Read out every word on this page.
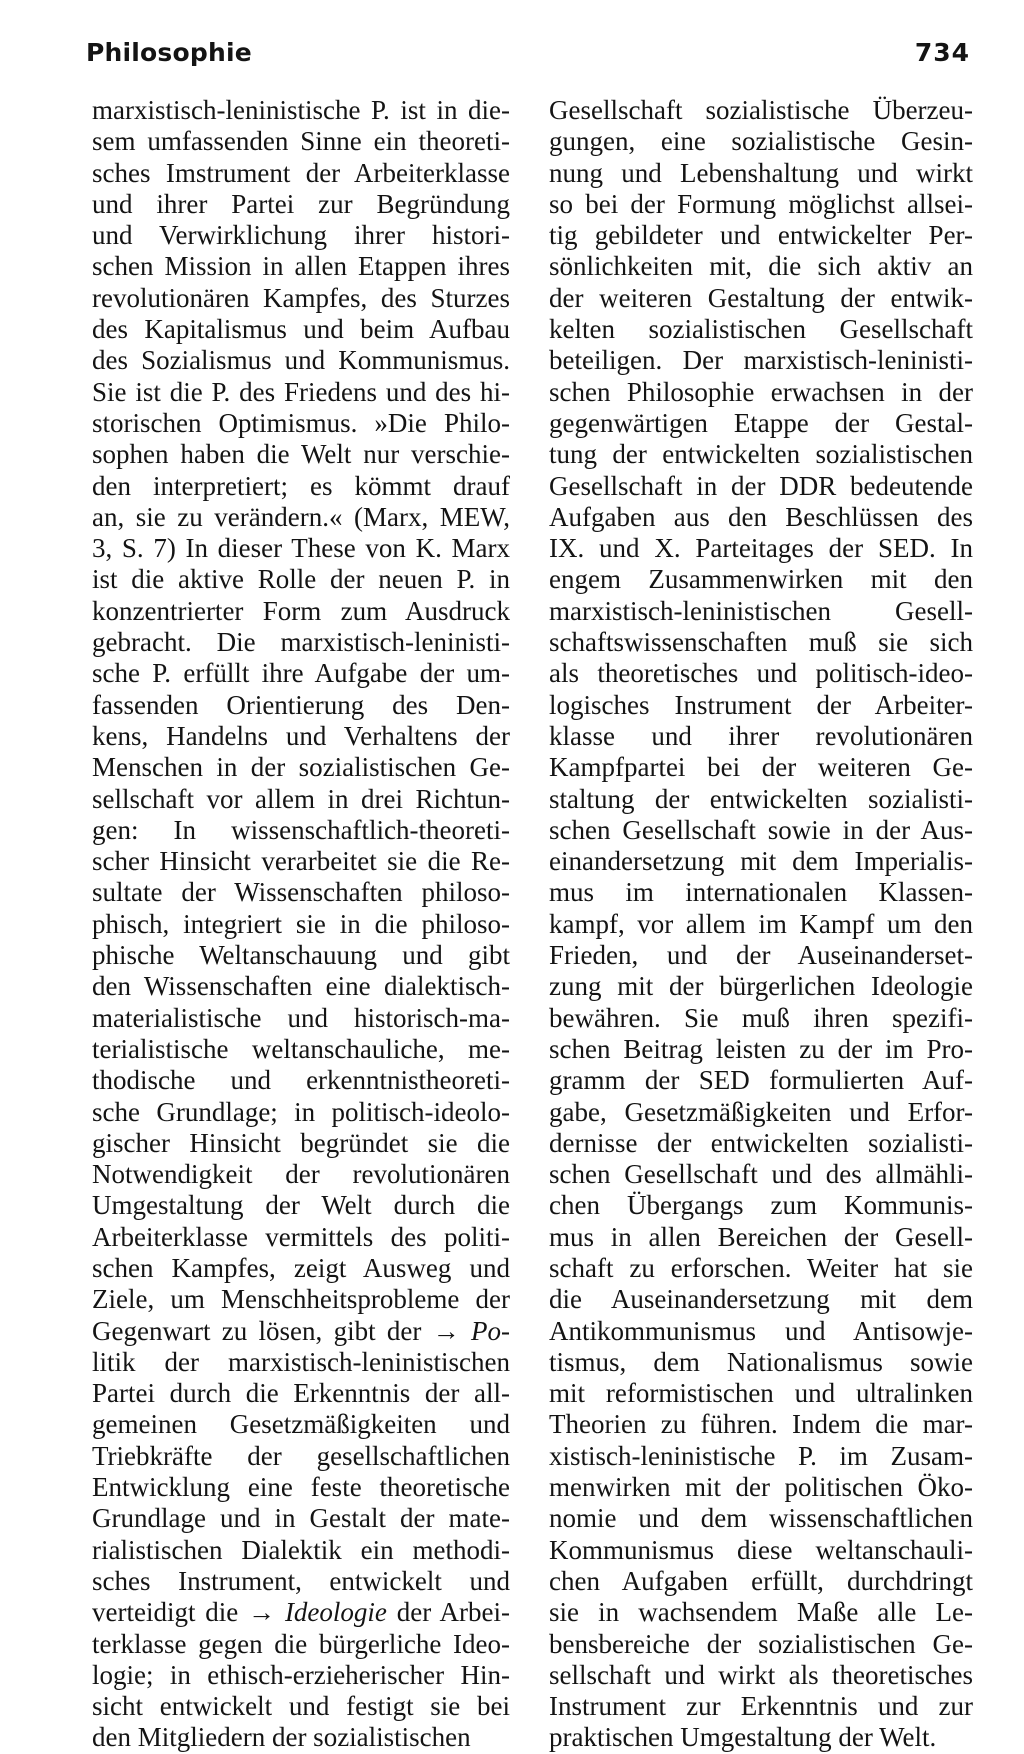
Philosophie	734
marxistisch-leninistische P. ist in die-
sem umfassenden Sinne ein theoreti-
sches Imstrument der Arbeiterklasse
und ihrer Partei zur Begründung
und Verwirklichung ihrer histori-
schen Mission in allen Etappen ihres
revolutionären Kampfes, des Sturzes
des Kapitalismus und beim Aufbau
des Sozialismus und Kommunismus.
Sie ist die P. des Friedens und des hi-
storischen Optimismus. »Die Philo-
sophen haben die Welt nur verschie-
den interpretiert; es kömmt drauf
an, sie zu verändern.« (Marx, MEW,
3, S. 7) In dieser These von K. Marx
ist die aktive Rolle der neuen P. in
konzentrierter Form zum Ausdruck
gebracht. Die marxistisch-leninisti-
sche P. erfüllt ihre Aufgabe der um-
fassenden Orientierung des Den-
kens, Handelns und Verhaltens der
Menschen in der sozialistischen Ge-
sellschaft vor allem in drei Richtun-
gen: In wissenschaftlich-theoreti-
scher Hinsicht verarbeitet sie die Re-
sultate der Wissenschaften philoso-
phisch, integriert sie in die philoso-
phische Weltanschauung und gibt
den Wissenschaften eine dialektisch-
materialistische und historisch-ma-
terialistische weltanschauliche, me-
thodische und erkenntnistheoreti-
sche Grundlage; in politisch-ideolo-
gischer Hinsicht begründet sie die
Notwendigkeit der revolutionären
Umgestaltung der Welt durch die
Arbeiterklasse vermittels des politi-
schen Kampfes, zeigt Ausweg und
Ziele, um Menschheitsprobleme der
Gegenwart zu lösen, gibt der → Po-
litik der marxistisch-leninistischen
Partei durch die Erkenntnis der all-
gemeinen Gesetzmäßigkeiten und
Triebkräfte der gesellschaftlichen
Entwicklung eine feste theoretische
Grundlage und in Gestalt der mate-
rialistischen Dialektik ein methodi-
sches Instrument, entwickelt und
verteidigt die → Ideologie der Arbei-
terklasse gegen die bürgerliche Ideo-
logie; in ethisch-erzieherischer Hin-
sicht entwickelt und festigt sie bei
den Mitgliedern der sozialistischen
Gesellschaft sozialistische Überzeu-
gungen, eine sozialistische Gesin-
nung und Lebenshaltung und wirkt
so bei der Formung möglichst allsei-
tig gebildeter und entwickelter Per-
sönlichkeiten mit, die sich aktiv an
der weiteren Gestaltung der entwik-
kelten sozialistischen Gesellschaft
beteiligen. Der marxistisch-leninisti-
schen Philosophie erwachsen in der
gegenwärtigen Etappe der Gestal-
tung der entwickelten sozialistischen
Gesellschaft in der DDR bedeutende
Aufgaben aus den Beschlüssen des
IX. und X. Parteitages der SED. In
engem Zusammenwirken mit den
marxistisch-leninistischen Gesell-
schaftswissenschaften muß sie sich
als theoretisches und politisch-ideo-
logisches Instrument der Arbeiter-
klasse und ihrer revolutionären
Kampfpartei bei der weiteren Ge-
staltung der entwickelten sozialisti-
schen Gesellschaft sowie in der Aus-
einandersetzung mit dem Imperialis-
mus im internationalen Klassen-
kampf, vor allem im Kampf um den
Frieden, und der Auseinanderset-
zung mit der bürgerlichen Ideologie
bewähren. Sie muß ihren spezifi-
schen Beitrag leisten zu der im Pro-
gramm der SED formulierten Auf-
gabe, Gesetzmäßigkeiten und Erfor-
dernisse der entwickelten sozialisti-
schen Gesellschaft und des allmähli-
chen Übergangs zum Kommunis-
mus in allen Bereichen der Gesell-
schaft zu erforschen. Weiter hat sie
die Auseinandersetzung mit dem
Antikommunismus und Antisowje-
tismus, dem Nationalismus sowie
mit reformistischen und ultralinken
Theorien zu führen. Indem die mar-
xistisch-leninistische P. im Zusam-
menwirken mit der politischen Öko-
nomie und dem wissenschaftlichen
Kommunismus diese weltanschauli-
chen Aufgaben erfüllt, durchdringt
sie in wachsendem Maße alle Le-
bensbereiche der sozialistischen Ge-
sellschaft und wirkt als theoretisches
Instrument zur Erkenntnis und zur
praktischen Umgestaltung der Welt.
